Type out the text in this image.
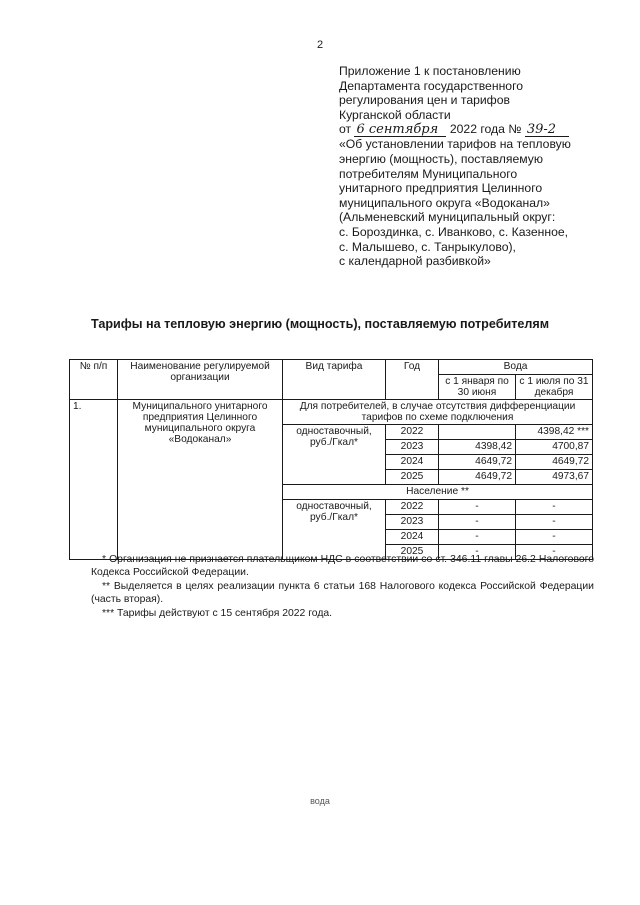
2
Приложение 1 к постановлению
Департамента государственного
регулирования цен и тарифов
Курганской области
от 6 сентября 2022 года № 39-2
«Об установлении тарифов на тепловую
энергию (мощность), поставляемую
потребителям Муниципального
унитарного предприятия Целинного
муниципального округа «Водоканал»
(Альменевский муниципальный округ:
с. Бороздинка, с. Иванково, с. Казенное,
с. Малышево, с. Танрыкулово),
с календарной разбивкой»
Тарифы на тепловую энергию (мощность), поставляемую потребителям
№ п/п	Наименование регулируемой организации	Вид тарифа	Год	Вода	
				с 1 января по 30 июня	с 1 июля по 31 декабря
1.	Муниципального унитарного предприятия Целинного муниципального округа «Водоканал»	Для потребителей, в случае отсутствия дифференциации тарифов по схеме подключения			
		одноставочный, руб./Гкал*	2022		4398,42 ***
			2023	4398,42	4700,87
			2024	4649,72	4649,72
			2025	4649,72	4973,67
		Население **			
		одноставочный, руб./Гкал*	2022	-	-
			2023	-	-
			2024	-	-
			2025	-	-

* Организация не признается плательщиком НДС в соответствии со ст. 346.11 главы 26.2 Налогового Кодекса Российской Федерации.

** Выделяется в целях реализации пункта 6 статьи 168 Налогового кодекса Российской Федерации (часть вторая).

*** Тарифы действуют с 15 сентября 2022 года.

вода
